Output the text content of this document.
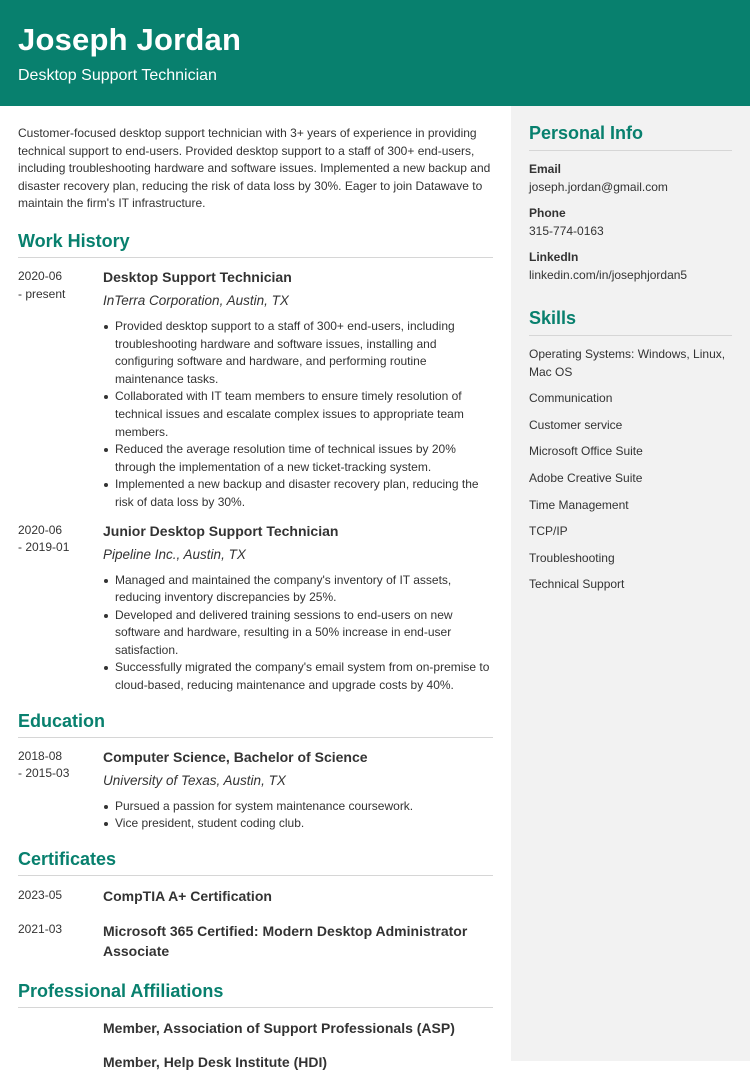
Joseph Jordan
Desktop Support Technician

Customer-focused desktop support technician with 3+ years of experience in providing technical support to end-users. Provided desktop support to a staff of 300+ end-users, including troubleshooting hardware and software issues. Implemented a new backup and disaster recovery plan, reducing the risk of data loss by 30%. Eager to join Datawave to maintain the firm's IT infrastructure.

Work History
2020-06
- present
Desktop Support Technician
InTerra Corporation, Austin, TX
Provided desktop support to a staff of 300+ end-users, including troubleshooting hardware and software issues, installing and configuring software and hardware, and performing routine maintenance tasks.
Collaborated with IT team members to ensure timely resolution of technical issues and escalate complex issues to appropriate team members.
Reduced the average resolution time of technical issues by 20% through the implementation of a new ticket-tracking system.
Implemented a new backup and disaster recovery plan, reducing the risk of data loss by 30%.
2020-06
- 2019-01
Junior Desktop Support Technician
Pipeline Inc., Austin, TX
Managed and maintained the company's inventory of IT assets, reducing inventory discrepancies by 25%.
Developed and delivered training sessions to end-users on new software and hardware, resulting in a 50% increase in end-user satisfaction.
Successfully migrated the company's email system from on-premise to cloud-based, reducing maintenance and upgrade costs by 40%.
Education
2018-08
- 2015-03
Computer Science, Bachelor of Science
University of Texas, Austin, TX
Pursued a passion for system maintenance coursework.
Vice president, student coding club.
Certificates
2023-05	CompTIA A+ Certification
2021-03	Microsoft 365 Certified: Modern Desktop Administrator
Associate
Professional Affiliations
Member, Association of Support Professionals (ASP)
Member, Help Desk Institute (HDI)
Personal Info
Email
joseph.jordan@gmail.com
Phone
315-774-0163
LinkedIn
linkedin.com/in/josephjordan5
Skills
Operating Systems: Windows, Linux, Mac OS
Communication
Customer service
Microsoft Office Suite
Adobe Creative Suite
Time Management
TCP/IP
Troubleshooting
Technical Support
